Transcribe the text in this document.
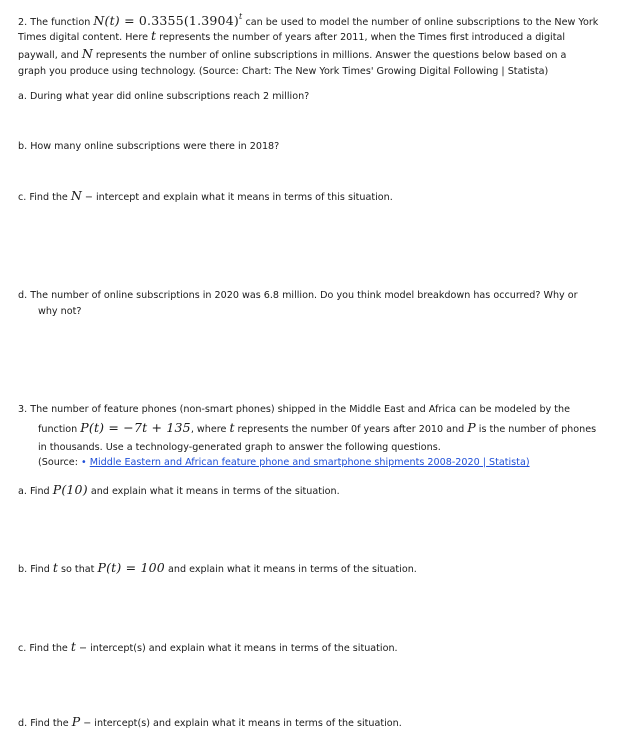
2. The function $N(t) = 0.3355(1.3904)^t$ can be used to model the number of online subscriptions to the New York
Times digital content. Here t represents the number of years after 2011, when the Times first introduced a digital
paywall, and N represents the number of online subscriptions in millions. Answer the questions below based on a
graph you produce using technology. (Source: Chart: The New York Times' Growing Digital Following | Statista)
a. During what year did online subscriptions reach 2 million?
b. How many online subscriptions were there in 2018?
c. Find the N − intercept and explain what it means in terms of this situation.
d. The number of online subscriptions in 2020 was 6.8 million. Do you think model breakdown has occurred? Why or
why not?
3. The number of feature phones (non-smart phones) shipped in the Middle East and Africa can be modeled by the
function P(t) = −7t + 135, where t represents the number 0f years after 2010 and P is the number of phones
in thousands. Use a technology-generated graph to answer the following questions.
(Source: • Middle Eastern and African feature phone and smartphone shipments 2008-2020 | Statista)
a. Find P(10) and explain what it means in terms of the situation.
b. Find t so that P(t) = 100 and explain what it means in terms of the situation.
c. Find the t − intercept(s) and explain what it means in terms of the situation.
d. Find the P − intercept(s) and explain what it means in terms of the situation.
